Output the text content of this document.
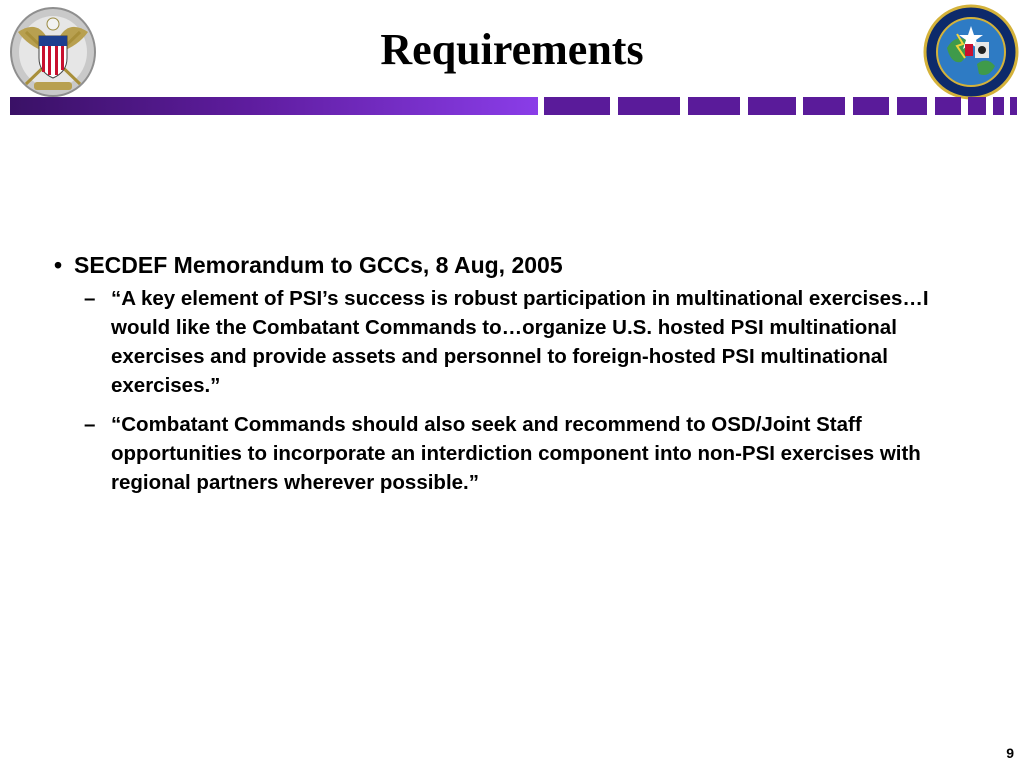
Requirements
• SECDEF Memorandum to GCCs, 8 Aug, 2005
– “A key element of PSI’s success is robust participation in multinational exercises…I would like the Combatant Commands to…organize U.S. hosted PSI multinational exercises and provide assets and personnel to foreign-hosted PSI multinational exercises.”
– “Combatant Commands should also seek and recommend to OSD/Joint Staff opportunities to incorporate an interdiction component into non-PSI exercises with regional partners wherever possible.”
9
